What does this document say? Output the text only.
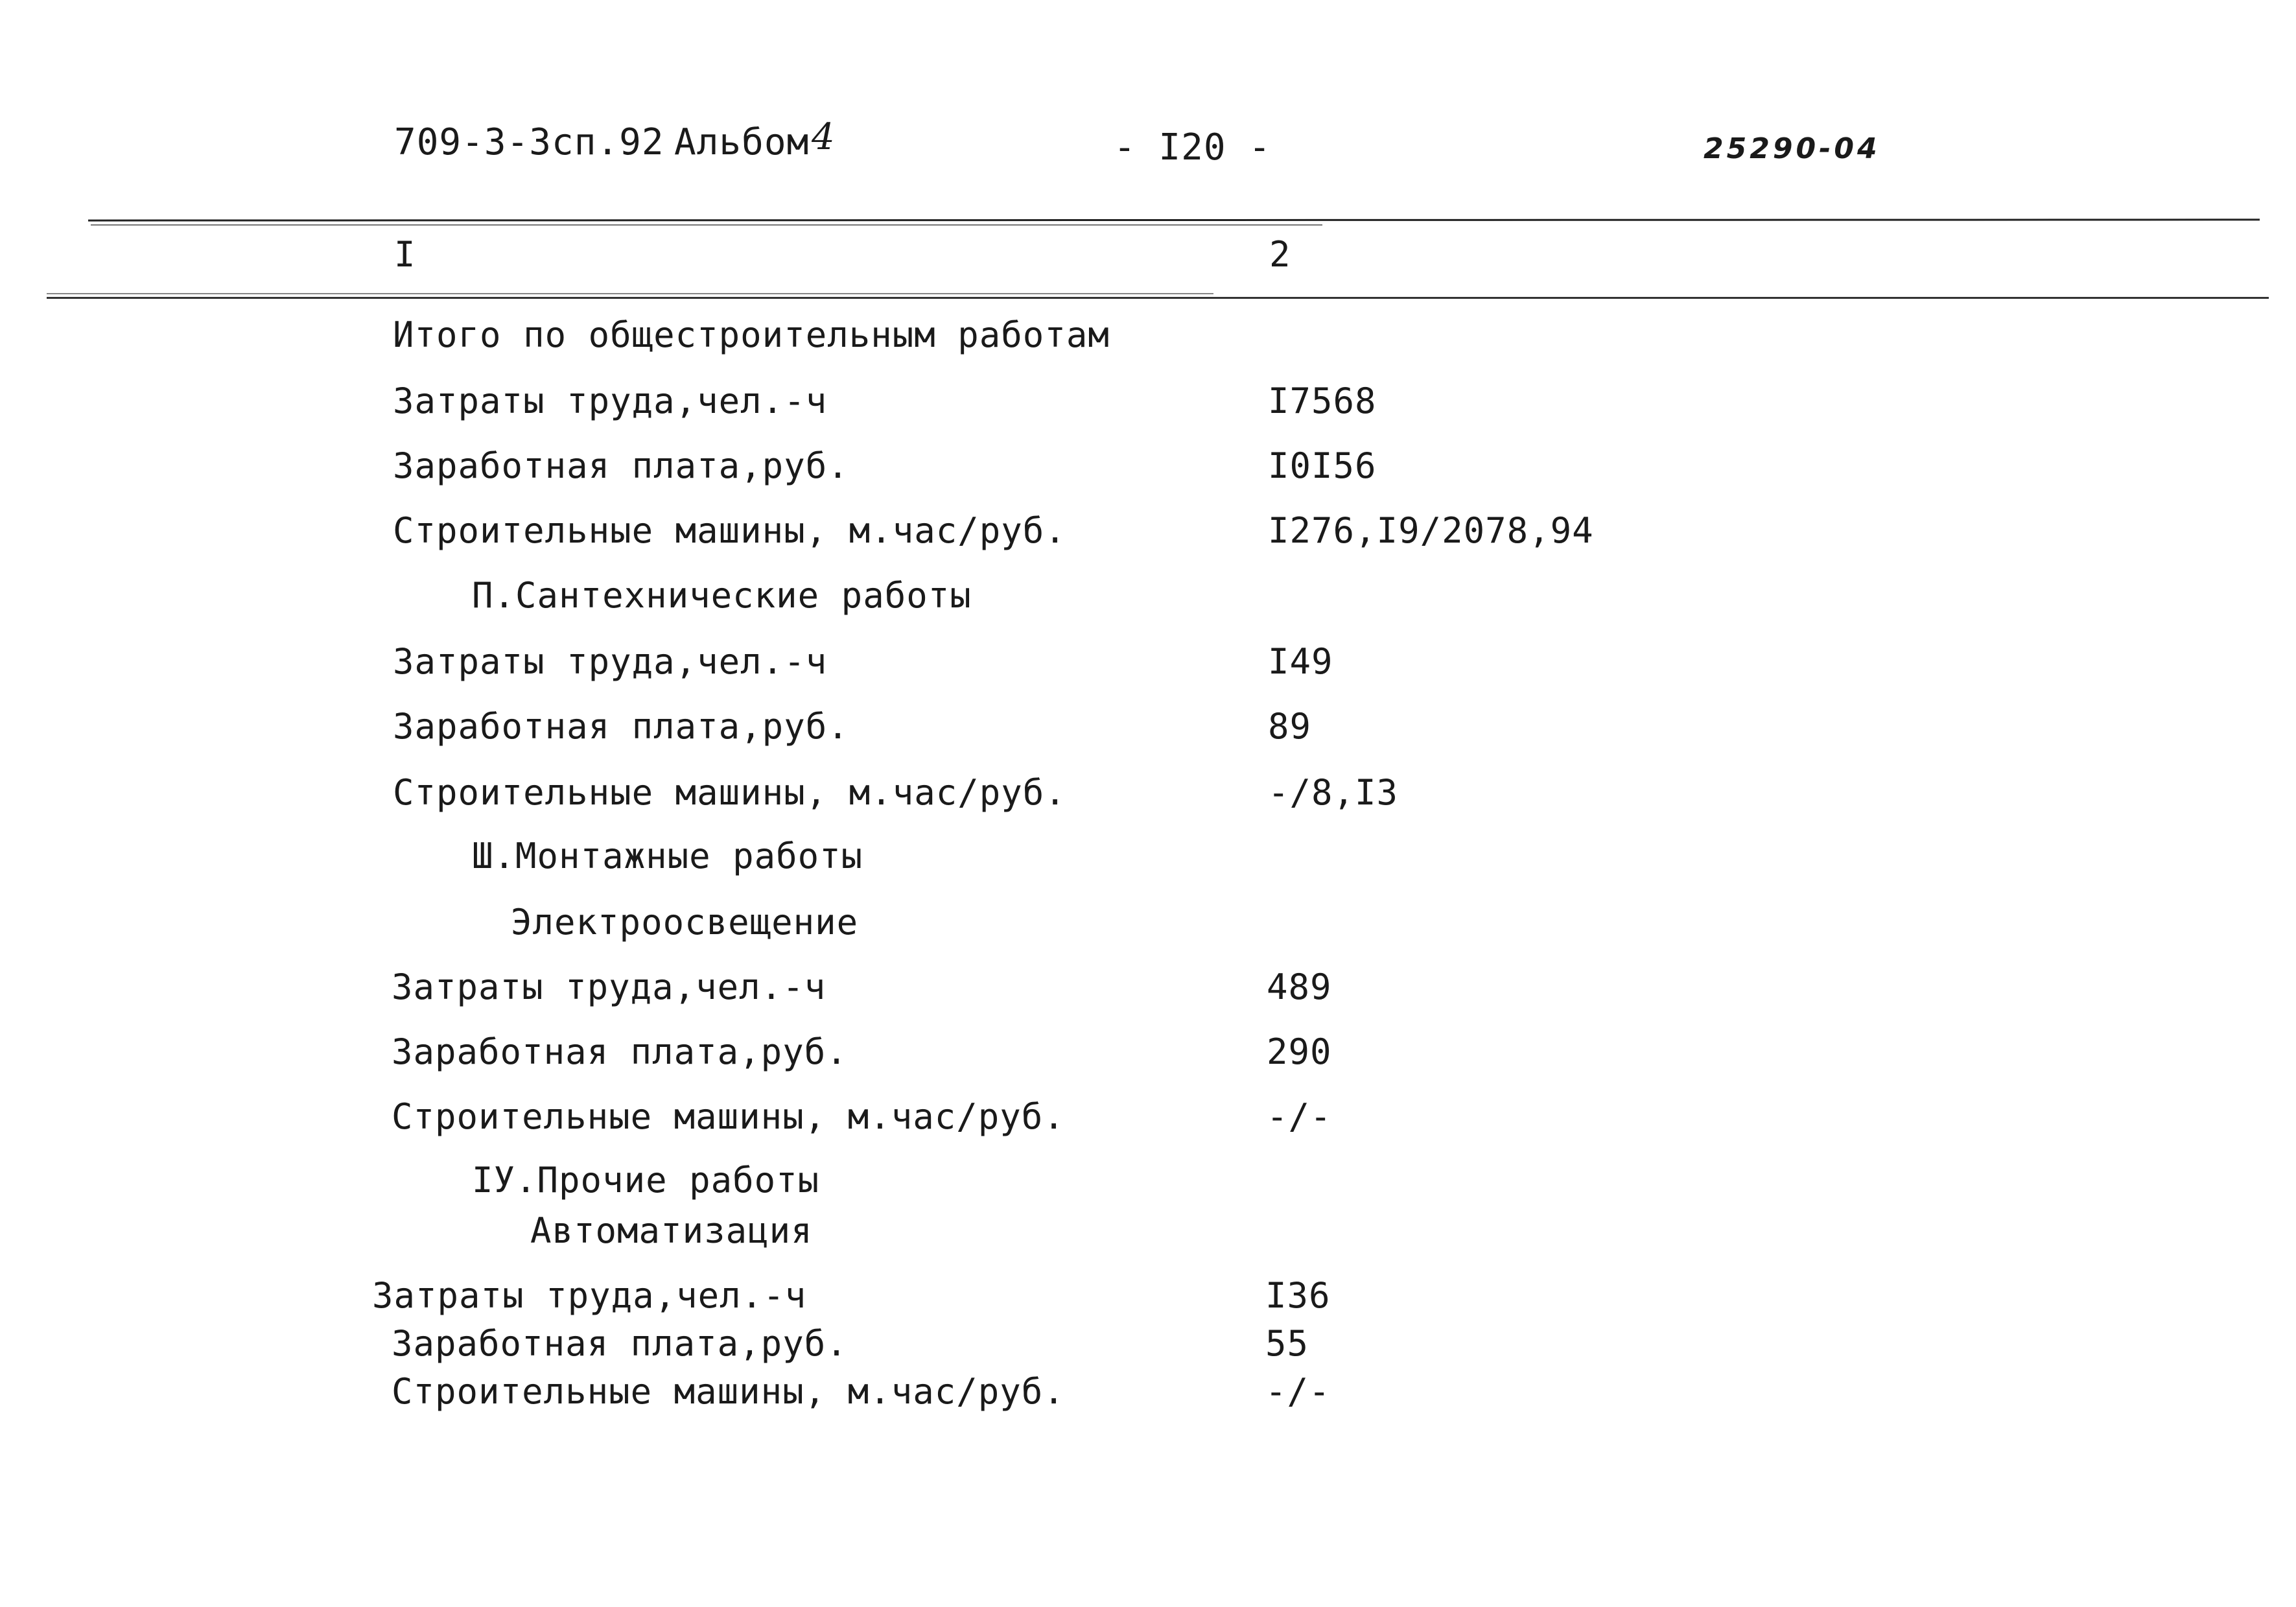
709-3-3сп.92 Альбом 4	- I20 -	25290-04
I	2
Итого по общестроительным работам
Затраты труда,чел.-ч	I7568
Заработная плата,руб.	I0I56
Строительные машины, м.час/руб.	I276,I9/2078,94
П.Сантехнические работы
Затраты труда,чел.-ч	I49
Заработная плата,руб.	89
Строительные машины, м.час/руб.	-/8,I3
Ш.Монтажные работы
Электроосвещение
Затраты труда,чел.-ч	489
Заработная плата,руб.	290
Строительные машины, м.час/руб.	-/-
IУ.Прочие работы
Автоматизация
Затраты труда,чел.-ч	I36
Заработная плата,руб.	55
Строительные машины, м.час/руб.	-/-
